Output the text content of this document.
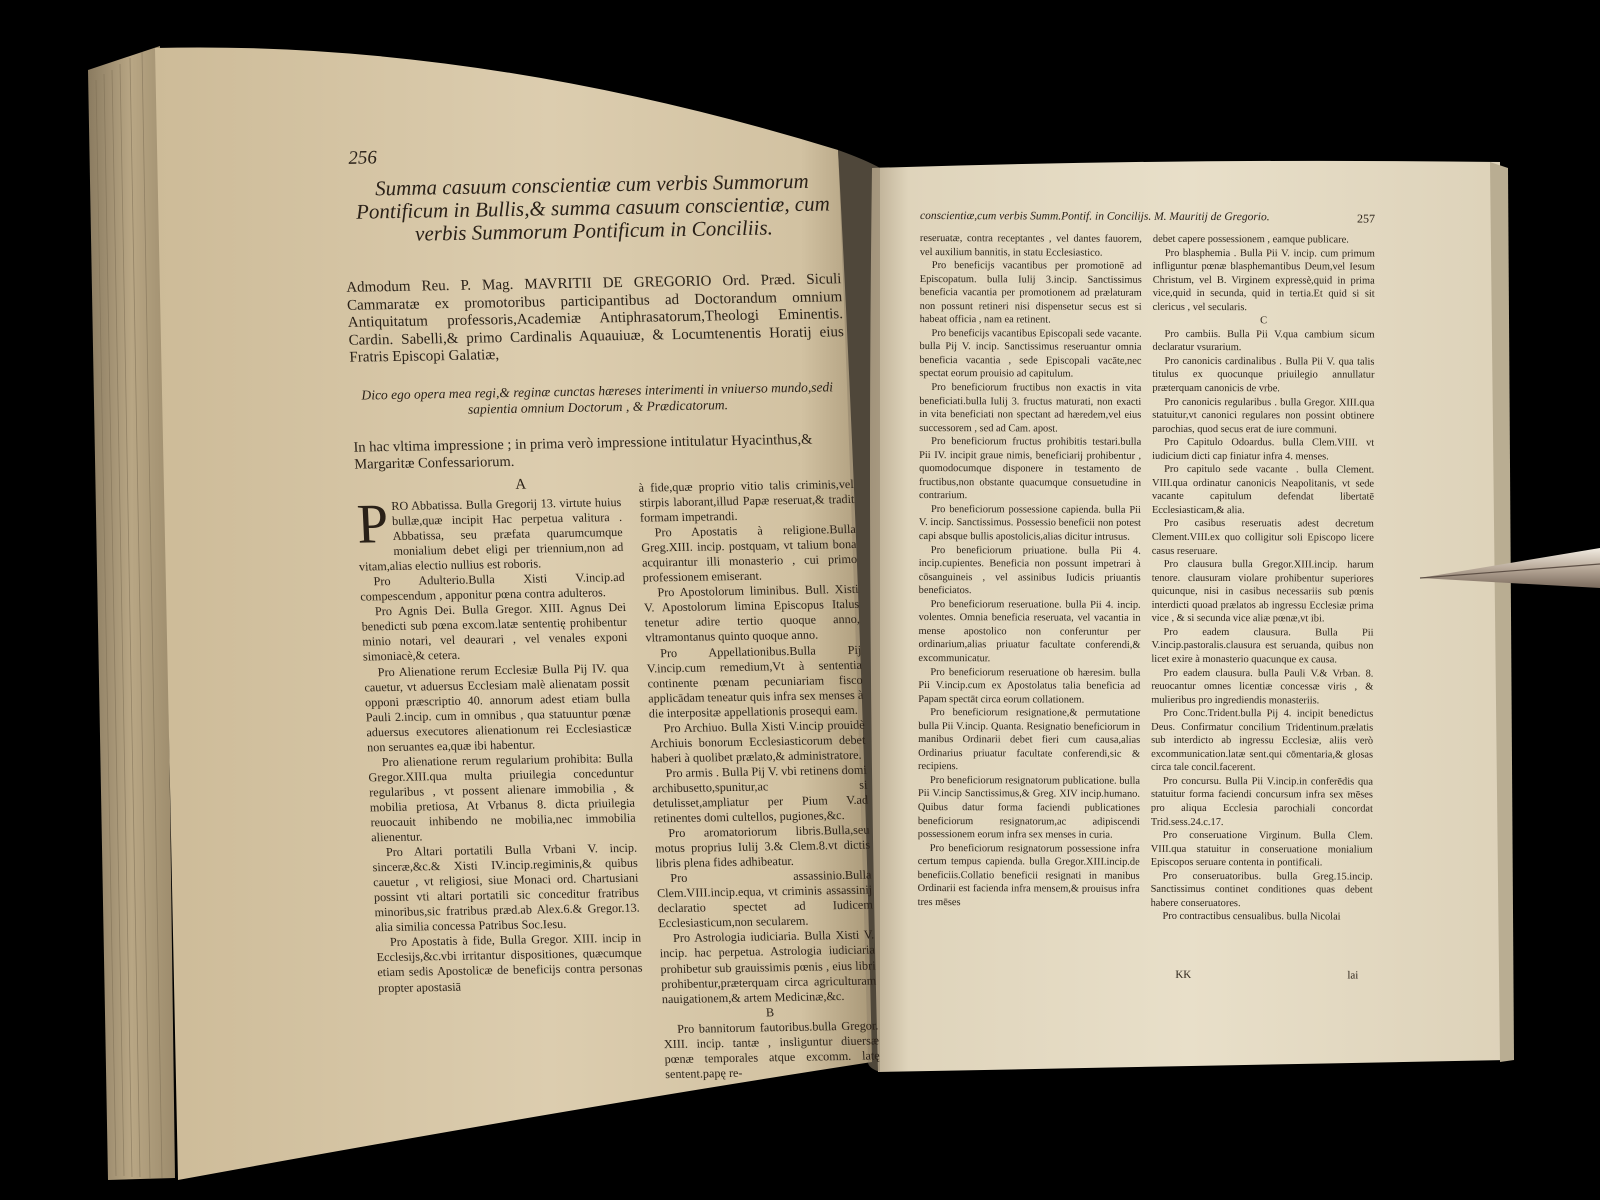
256
Summa casuum conscientiæ cum verbis Summorum Pontificum in Bullis,& summa casuum conscientiæ, cum verbis Summorum Pontificum in Conciliis.
Admodum Reu. P. Mag. MAVRITII DE GREGORIO Ord. Præd. Siculi Cammaratæ ex promotoribus participantibus ad Doctorandum omnium Antiquitatum professoris,Academiæ Antiphrasatorum,Theologi Eminentis. Cardin. Sabelli,& primo Cardinalis Aquauiuæ, & Locumtenentis Horatij eius Fratris Episcopi Galatiæ,
Dico ego opera mea regi,& reginæ cunctas hæreses interimenti in vniuerso mundo,sedi sapientia omnium Doctorum , & Prædicatorum.
In hac vltima impressione ; in prima verò impressione intitulatur Hyacinthus,& Margaritæ Confessariorum.
A
P RO Abbatissa. Bulla Gregorij 13. virtute huius bullæ,quæ incipit Hac perpetua valitura . Abbatissa, seu præfata quarumcumque monialium debet eligi per triennium,non ad vitam,alias electio nullius est roboris.

Pro Adulterio.Bulla Xisti V.incip.ad compescendum , apponitur pœna contra adulteros.

Pro Agnis Dei. Bulla Gregor. XIII. Agnus Dei benedicti sub pœna excom.latæ sententię prohibentur minio notari, vel deaurari , vel venales exponi simoniacè,& cetera.

Pro Alienatione rerum Ecclesiæ Bulla Pij IV. qua cauetur, vt aduersus Ecclesiam malè alienatam possit opponi præscriptio 40. annorum adest etiam bulla Pauli 2.incip. cum in omnibus , qua statuuntur pœnæ aduersus executores alienationum rei Ecclesiasticæ non seruantes ea,quæ ibi habentur.

Pro alienatione rerum regularium prohibita: Bulla Gregor.XIII.qua multa priuilegia conceduntur regularibus , vt possent alienare immobilia , & mobilia pretiosa, At Vrbanus 8. dicta priuilegia reuocauit inhibendo ne mobilia,nec immobilia alienentur.

Pro Altari portatili Bulla Vrbani V. incip. sinceræ,&c.& Xisti IV.incip.regiminis,& quibus cauetur , vt religiosi, siue Monaci ord. Chartusiani possint vti altari portatili sic conceditur fratribus minoribus,sic fratribus præd.ab Alex.6.& Gregor.13. alia similia concessa Patribus Soc.Iesu.

Pro Apostatis à fide, Bulla Gregor. XIII. incip in Ecclesijs,&c.vbi irritantur dispositiones, quæcumque etiam sedis Apostolicæ de beneficijs contra personas propter apostasiā

à fide,quæ proprio vitio talis criminis,vel stirpis laborant,illud Papæ reseruat,& tradit formam impetrandi.

Pro Apostatis à religione.Bulla Greg.XIII. incip. postquam, vt talium bona acquirantur illi monasterio , cui primo professionem emiserant.

Pro Apostolorum liminibus. Bull. Xisti V. Apostolorum limina Episcopus Italus tenetur adire tertio quoque anno, vltramontanus quinto quoque anno.

Pro Appellationibus.Bulla Pij V.incip.cum remedium,Vt à sententia continente pœnam pecuniariam fisco applicādam teneatur quis infra sex menses à die interpositæ appellationis prosequi eam.

Pro Archiuo. Bulla Xisti V.incip prouidè Archiuis bonorum Ecclesiasticorum debet haberi à quolibet prælato,& administratore.

Pro armis . Bulla Pij V. vbi retinens domi archibusetto,spunitur,ac si detulisset,ampliatur per Pium V.ad retinentes domi cultellos, pugiones,&c.

Pro aromatoriorum libris.Bulla,seu motus proprius Iulij 3.& Clem.8.vt dictis libris plena fides adhibeatur.

Pro assassinio.Bulla Clem.VIII.incip.equa, vt criminis assassinij declaratio spectet ad Iudicem Ecclesiasticum,non secularem.

Pro Astrologia iudiciaria. Bulla Xisti V. incip. hac perpetua. Astrologia iudiciaria prohibetur sub grauissimis pœnis , eius libri prohibentur,præterquam circa agriculturam nauigationem,& artem Medicinæ,&c.

B

Pro bannitorum fautoribus.bulla Gregor. XIII. incip. tantæ , insliguntur diuersæ pœnæ temporales atque excomm. latę sentent.papę re-

conscientiæ,cum verbis Summ.Pontif. in Concilijs. M. Mauritij de Gregorio.	257

reseruatæ, contra receptantes , vel dantes fauorem, vel auxilium bannitis, in statu Ecclesiastico.

Pro beneficijs vacantibus per promotionē ad Episcopatum. bulla Iulij 3.incip. Sanctissimus beneficia vacantia per promotionem ad prælaturam non possunt retineri nisi dispensetur secus est si habeat officia , nam ea retinent.

Pro beneficijs vacantibus Episcopali sede vacante. bulla Pij V. incip. Sanctissimus reseruantur omnia beneficia vacantia , sede Episcopali vacāte,nec spectat eorum prouisio ad capitulum.

Pro beneficiorum fructibus non exactis in vita beneficiati.bulla Iulij 3. fructus maturati, non exacti in vita beneficiati non spectant ad hæredem,vel eius successorem , sed ad Cam. apost.

Pro beneficiorum fructus prohibitis testari.bulla Pii IV. incipit graue nimis, beneficiarij prohibentur , quomodocumque disponere in testamento de fructibus,non obstante quacumque consuetudine in contrarium.

Pro beneficiorum possessione capienda. bulla Pii V. incip. Sanctissimus. Possessio beneficii non potest capi absque bullis apostolicis,alias dicitur intrusus.

Pro beneficiorum priuatione. bulla Pii 4. incip.cupientes. Beneficia non possunt impetrari à cōsanguineis , vel assinibus Iudicis priuantis beneficiatos.

Pro beneficiorum reseruatione. bulla Pii 4. incip. volentes. Omnia beneficia reseruata, vel vacantia in mense apostolico non conferuntur per ordinarium,alias priuatur facultate conferendi,& excommunicatur.

Pro beneficiorum reseruatione ob hæresim. bulla Pii V.incip.cum ex Apostolatus talia beneficia ad Papam spectāt circa eorum collationem.

Pro beneficiorum resignatione,& permutatione bulla Pii V.incip. Quanta. Resignatio beneficiorum in manibus Ordinarii debet fieri cum causa,alias Ordinarius priuatur facultate conferendi,sic & recipiens.

Pro beneficiorum resignatorum publicatione. bulla Pii V.incip Sanctissimus,& Greg. XIV incip.humano. Quibus datur forma faciendi publicationes beneficiorum resignatorum,ac adipiscendi possessionem eorum infra sex menses in curia.

Pro beneficiorum resignatorum possessione infra certum tempus capienda. bulla Gregor.XIII.incip.de beneficiis.Collatio beneficii resignati in manibus Ordinarii est facienda infra mensem,& prouisus infra tres mēses

debet capere possessionem , eamque publicare.

Pro blasphemia . Bulla Pii V. incip. cum primum infliguntur pœnæ blasphemantibus Deum,vel Iesum Christum, vel B. Virginem expressè,quid in prima vice,quid in secunda, quid in tertia.Et quid si sit clericus , vel secularis.

C

Pro cambiis. Bulla Pii V.qua cambium sicum declaratur vsurarium.

Pro canonicis cardinalibus . Bulla Pii V. qua talis titulus ex quocunque priuilegio annullatur præterquam canonicis de vrbe.

Pro canonicis regularibus . bulla Gregor. XIII.qua statuitur,vt canonici regulares non possint obtinere parochias, quod secus erat de iure communi.

Pro Capitulo Odoardus. bulla Clem.VIII. vt iudicium dicti cap finiatur infra 4. menses.

Pro capitulo sede vacante . bulla Clement. VIII.qua ordinatur canonicis Neapolitanis, vt sede vacante capitulum defendat libertatē Ecclesiasticam,& alia.

Pro casibus reseruatis adest decretum Clement.VIII.ex quo colligitur soli Episcopo licere casus reseruare.

Pro clausura bulla Gregor.XIII.incip. harum tenore. clausuram violare prohibentur superiores quicunque, nisi in casibus necessariis sub pœnis interdicti quoad prælatos ab ingressu Ecclesiæ prima vice , & si secunda vice aliæ pœnæ,vt ibi.

Pro eadem clausura. Bulla Pii V.incip.pastoralis.clausura est seruanda, quibus non licet exire à monasterio quacunque ex causa.

Pro eadem clausura. bulla Pauli V.& Vrban. 8. reuocantur omnes licentiæ concessæ viris , & mulieribus pro ingrediendis monasteriis.

Pro Conc.Trident.bulla Pij 4. incipit benedictus Deus. Confirmatur concilium Tridentinum.prælatis sub interdicto ab ingressu Ecclesiæ, aliis verò excommunication.latæ sent.qui cōmentaria,& glosas circa tale concil.facerent.

Pro concursu. Bulla Pii V.incip.in conferēdis qua statuitur forma faciendi concursum infra sex mēses pro aliqua Ecclesia parochiali concordat Trid.sess.24.c.17.

Pro conseruatione Virginum. Bulla Clem. VIII.qua statuitur in conseruatione monialium Episcopos seruare contenta in pontificali.

Pro conseruatoribus. bulla Greg.15.incip. Sanctissimus continet conditiones quas debent habere conseruatores.

Pro contractibus censualibus. bulla Nicolai

KK	lai
